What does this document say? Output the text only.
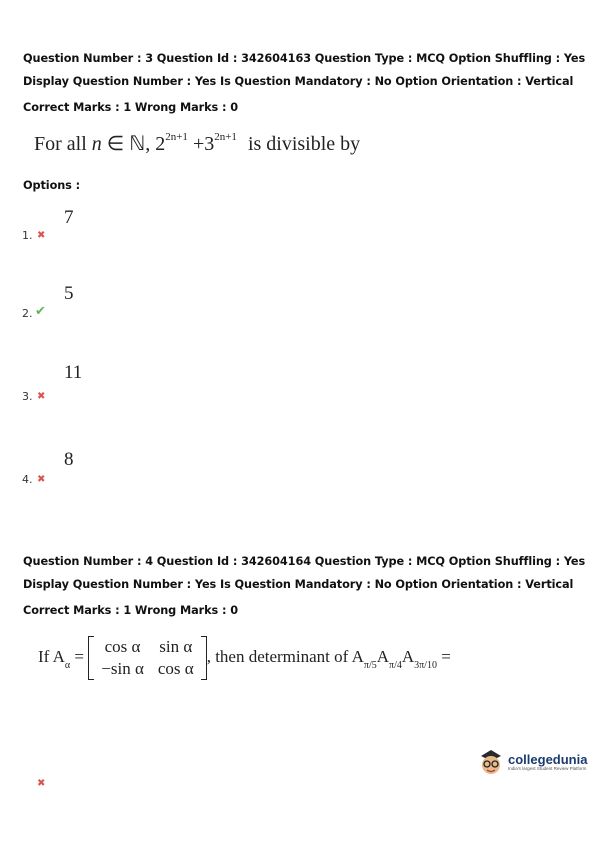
Question Number : 3 Question Id : 342604163 Question Type : MCQ Option Shuffling : Yes
Display Question Number : Yes Is Question Mandatory : No Option Orientation : Vertical
Correct Marks : 1 Wrong Marks : 0
For all n ∈ ℕ, $2^{2n+1} +3^{2n+1}$ is divisible by
Options :
7
1. ✖
5
2. ✔
11
3. ✖
8
4. ✖
Question Number : 4 Question Id : 342604164 Question Type : MCQ Option Shuffling : Yes
Display Question Number : Yes Is Question Mandatory : No Option Orientation : Vertical
Correct Marks : 1 Wrong Marks : 0
If $A_\alpha$ =
cos α	sin α
−sin α	cos α
, then determinant of $A_{\pi/5}A_{\pi/4}A_{3\pi/10}$ =
collegedunia
India's largest Student Review Platform
✖
